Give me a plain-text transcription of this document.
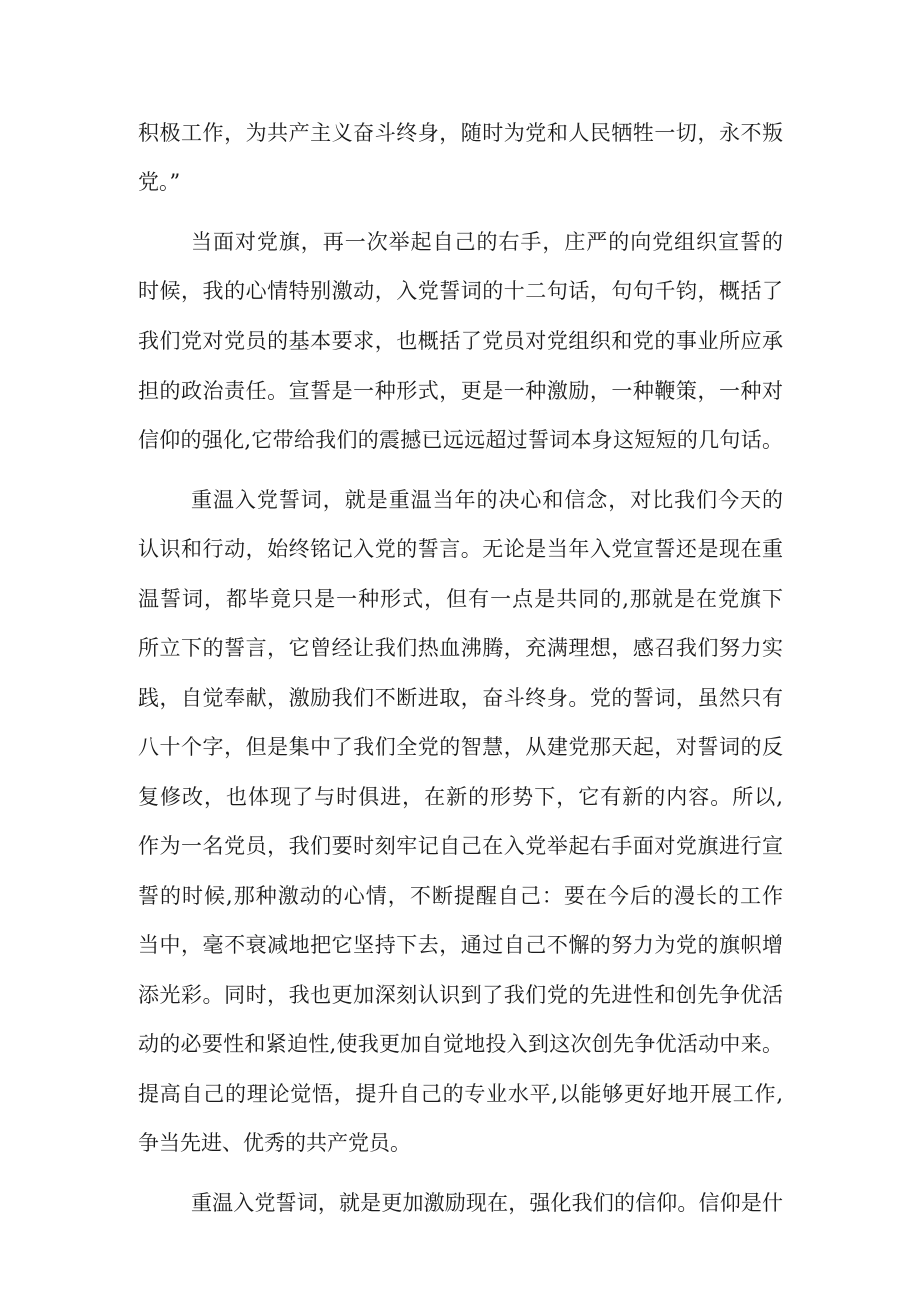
积极工作，为共产主义奋斗终身，随时为党和人民牺牲一切，永不叛
党。”
当面对党旗，再一次举起自己的右手，庄严的向党组织宣誓的
时候，我的心情特别激动，入党誓词的十二句话，句句千钧，概括了
我们党对党员的基本要求，也概括了党员对党组织和党的事业所应承
担的政治责任。宣誓是一种形式，更是一种激励，一种鞭策，一种对
信仰的强化,它带给我们的震撼已远远超过誓词本身这短短的几句话。
重温入党誓词，就是重温当年的决心和信念，对比我们今天的
认识和行动，始终铭记入党的誓言。无论是当年入党宣誓还是现在重
温誓词，都毕竟只是一种形式，但有一点是共同的,那就是在党旗下
所立下的誓言，它曾经让我们热血沸腾，充满理想，感召我们努力实
践，自觉奉献，激励我们不断进取，奋斗终身。党的誓词，虽然只有
八十个字，但是集中了我们全党的智慧，从建党那天起，对誓词的反
复修改，也体现了与时俱进，在新的形势下，它有新的内容。所以,
作为一名党员，我们要时刻牢记自己在入党举起右手面对党旗进行宣
誓的时候,那种激动的心情，不断提醒自己：要在今后的漫长的工作
当中，毫不衰减地把它坚持下去，通过自己不懈的努力为党的旗帜增
添光彩。同时，我也更加深刻认识到了我们党的先进性和创先争优活
动的必要性和紧迫性,使我更加自觉地投入到这次创先争优活动中来。
提高自己的理论觉悟，提升自己的专业水平,以能够更好地开展工作,
争当先进、优秀的共产党员。
重温入党誓词，就是更加激励现在，强化我们的信仰。信仰是什
